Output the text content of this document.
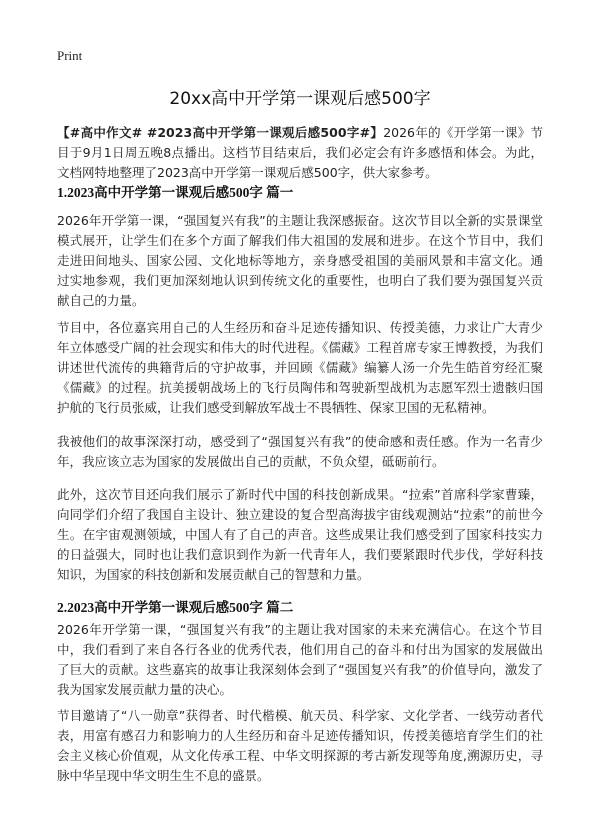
Print
20xx高中开学第一课观后感500字

【#高中作文# #2023高中开学第一课观后感500字#】2026年的《开学第一课》节目于9月1日周五晚8点播出。这档节目结束后，我们必定会有许多感悟和体会。为此，文档网特地整理了2023高中开学第一课观后感500字，供大家参考。

1.2023高中开学第一课观后感500字 篇一

2026年开学第一课，“强国复兴有我”的主题让我深感振奋。这次节目以全新的实景课堂模式展开，让学生们在多个方面了解我们伟大祖国的发展和进步。在这个节目中，我们走进田间地头、国家公园、文化地标等地方，亲身感受祖国的美丽风景和丰富文化。通过实地参观，我们更加深刻地认识到传统文化的重要性，也明白了我们要为强国复兴贡献自己的力量。

节目中，各位嘉宾用自己的人生经历和奋斗足迹传播知识、传授美德，力求让广大青少年立体感受广阔的社会现实和伟大的时代进程。《儒藏》工程首席专家王博教授，为我们讲述世代流传的典籍背后的守护故事，并回顾《儒藏》编纂人汤一介先生皓首穷经汇聚《儒藏》的过程。抗美援朝战场上的飞行员陶伟和驾驶新型战机为志愿军烈士遗骸归国护航的飞行员张威，让我们感受到解放军战士不畏牺牲、保家卫国的无私精神。

我被他们的故事深深打动，感受到了“强国复兴有我”的使命感和责任感。作为一名青少年，我应该立志为国家的发展做出自己的贡献，不负众望，砥砺前行。

此外，这次节目还向我们展示了新时代中国的科技创新成果。“拉索”首席科学家曹臻，向同学们介绍了我国自主设计、独立建设的复合型高海拔宇宙线观测站“拉索”的前世今生。在宇宙观测领域，中国人有了自己的声音。这些成果让我们感受到了国家科技实力的日益强大，同时也让我们意识到作为新一代青年人，我们要紧跟时代步伐，学好科技知识，为国家的科技创新和发展贡献自己的智慧和力量。

2.2023高中开学第一课观后感500字 篇二

2026年开学第一课，“强国复兴有我”的主题让我对国家的未来充满信心。在这个节目中，我们看到了来自各行各业的优秀代表，他们用自己的奋斗和付出为国家的发展做出了巨大的贡献。这些嘉宾的故事让我深刻体会到了“强国复兴有我”的价值导向，激发了我为国家发展贡献力量的决心。

节目邀请了“八一勋章”获得者、时代楷模、航天员、科学家、文化学者、一线劳动者代表，用富有感召力和影响力的人生经历和奋斗足迹传播知识，传授美德培育学生们的社会主义核心价值观，从文化传承工程、中华文明探源的考古新发现等角度,溯源历史，寻脉中华呈现中华文明生生不息的盛景。
